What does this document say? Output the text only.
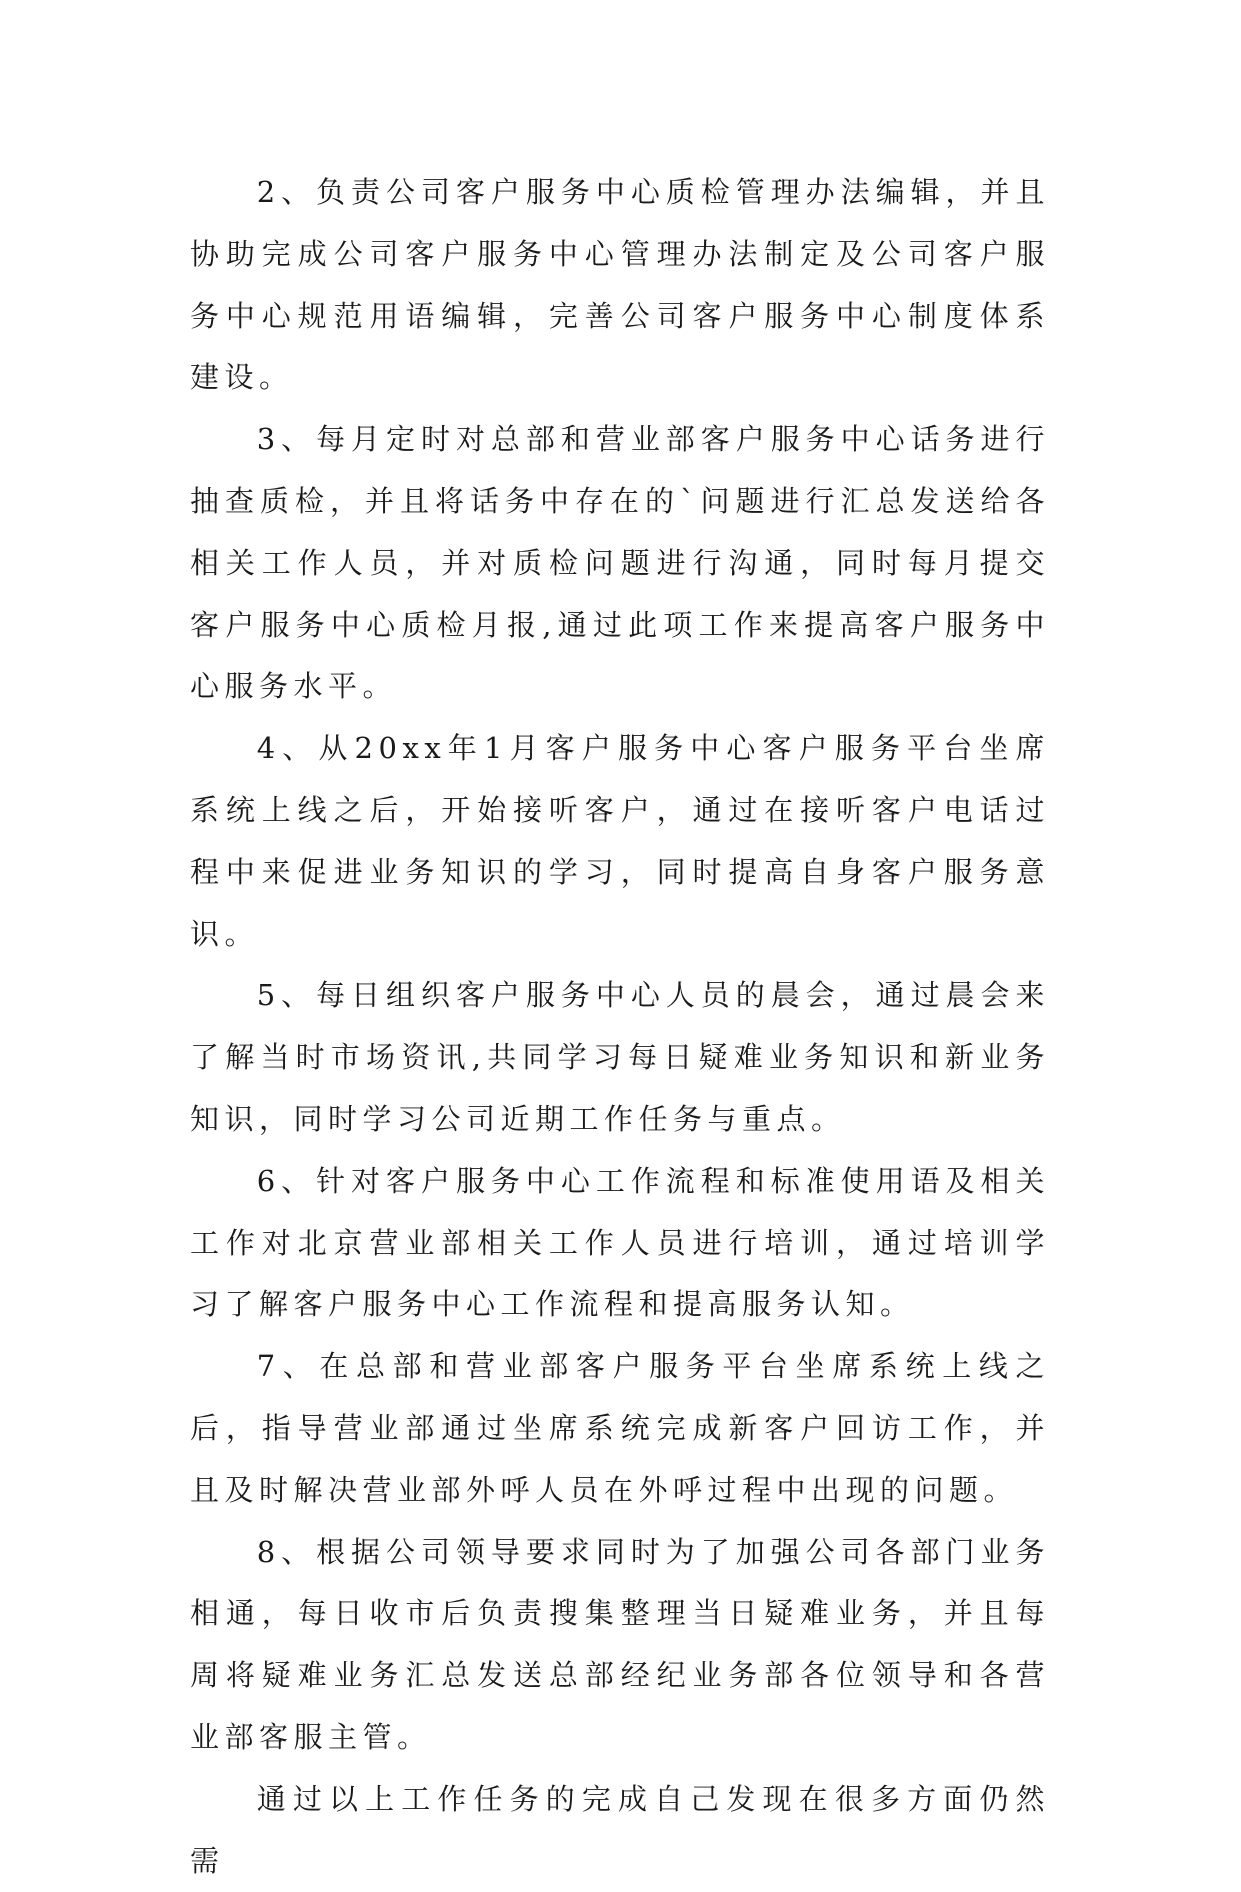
2、负责公司客户服务中心质检管理办法编辑，并且协助完成公司客户服务中心管理办法制定及公司客户服务中心规范用语编辑，完善公司客户服务中心制度体系建设。

3、每月定时对总部和营业部客户服务中心话务进行抽查质检，并且将话务中存在的`问题进行汇总发送给各相关工作人员，并对质检问题进行沟通，同时每月提交客户服务中心质检月报,通过此项工作来提高客户服务中心服务水平。

4、从20xx年1月客户服务中心客户服务平台坐席系统上线之后，开始接听客户，通过在接听客户电话过程中来促进业务知识的学习，同时提高自身客户服务意识。

5、每日组织客户服务中心人员的晨会，通过晨会来了解当时市场资讯,共同学习每日疑难业务知识和新业务知识，同时学习公司近期工作任务与重点。

6、针对客户服务中心工作流程和标准使用语及相关工作对北京营业部相关工作人员进行培训，通过培训学习了解客户服务中心工作流程和提高服务认知。

7、在总部和营业部客户服务平台坐席系统上线之后，指导营业部通过坐席系统完成新客户回访工作，并且及时解决营业部外呼人员在外呼过程中出现的问题。

8、根据公司领导要求同时为了加强公司各部门业务相通，每日收市后负责搜集整理当日疑难业务，并且每周将疑难业务汇总发送总部经纪业务部各位领导和各营业部客服主管。

通过以上工作任务的完成自己发现在很多方面仍然需
